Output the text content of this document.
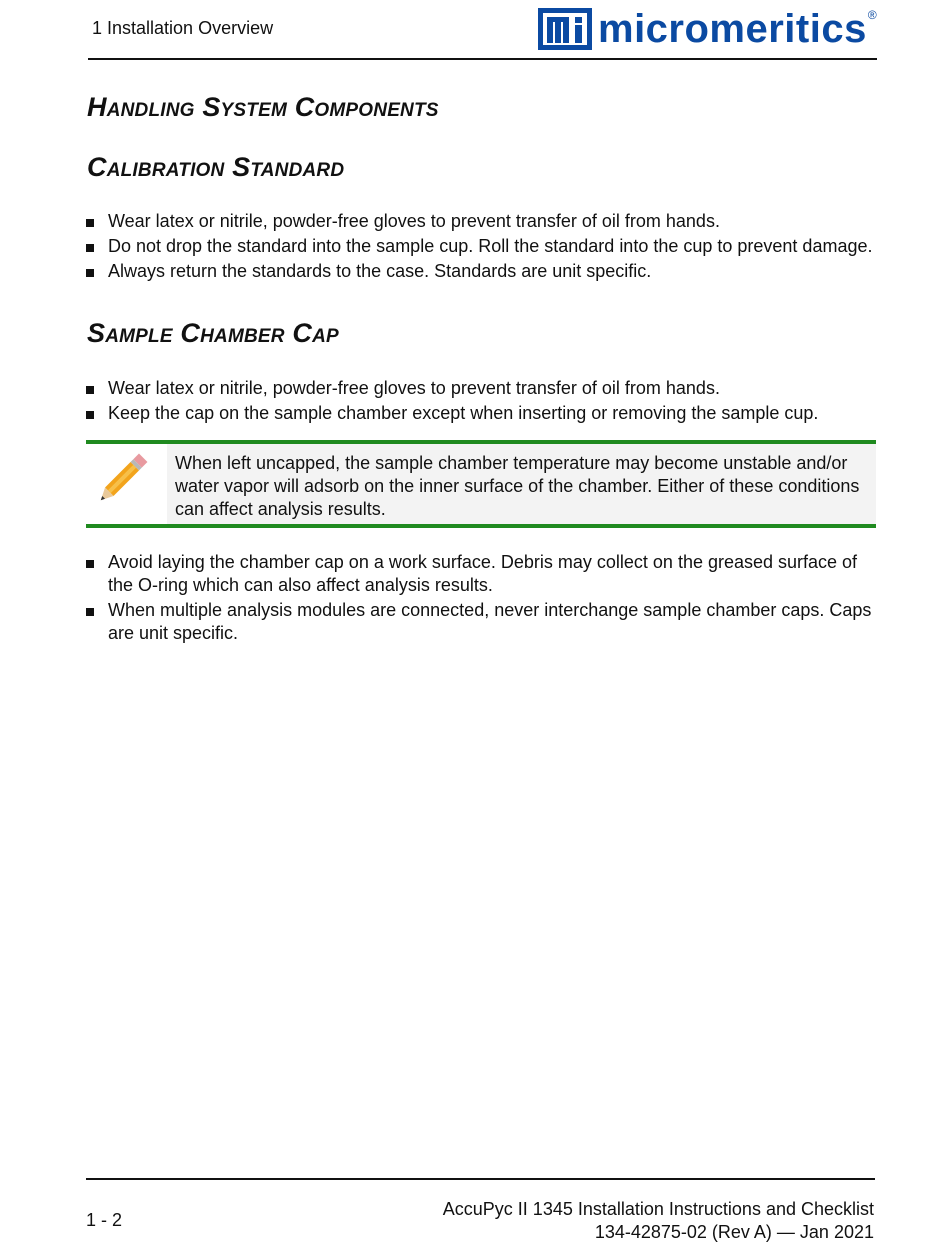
1 Installation Overview	micromeritics ®
Handling System Components
Calibration Standard
Wear latex or nitrile, powder-free gloves to prevent transfer of oil from hands.
Do not drop the standard into the sample cup. Roll the standard into the cup to prevent damage.
Always return the standards to the case. Standards are unit specific.
Sample Chamber Cap
Wear latex or nitrile, powder-free gloves to prevent transfer of oil from hands.
Keep the cap on the sample chamber except when inserting or removing the sample cup.
When left uncapped, the sample chamber temperature may become unstable and/or water vapor will adsorb on the inner surface of the chamber. Either of these conditions can affect analysis results.
Avoid laying the chamber cap on a work surface. Debris may collect on the greased surface of the O-ring which can also affect analysis results.
When multiple analysis modules are connected, never interchange sample chamber caps. Caps are unit specific.
1 - 2
AccuPyc II 1345 Installation Instructions and Checklist
134-42875-02 (Rev A) — Jan 2021
